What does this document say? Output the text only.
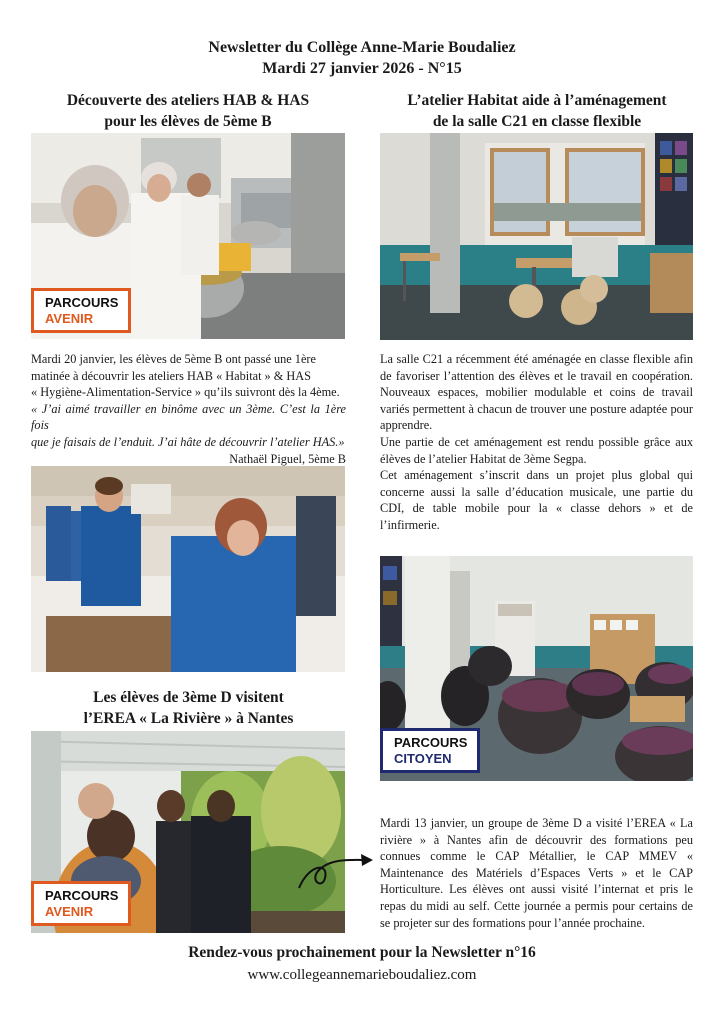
Newsletter du Collège Anne-Marie Boudaliez
Mardi 27 janvier 2026 - N°15
Découverte des ateliers HAB & HAS
pour les élèves de 5ème B
L’atelier Habitat aide à l’aménagement
de la salle C21 en classe flexible
PARCOURS
AVENIR

Mardi 20 janvier, les élèves de 5ème B ont passé une 1ère

matinée à découvrir les ateliers HAB « Habitat » & HAS

« Hygiène-Alimentation-Service » qu’ils suivront dès la 4ème.

« J’ai aimé travailler en binôme avec un 3ème. C’est la 1ère fois

que je faisais de l’enduit. J’ai hâte de découvrir l’atelier HAS.»

Nathaël Piguel, 5ème B

La salle C21 a récemment été aménagée en classe flexible afin de favoriser l’attention des élèves et le travail en coopération. Nouveaux espaces, mobilier modulable et coins de travail variés permettent à chacun de trouver une posture adaptée pour apprendre.

Une partie de cet aménagement est rendu possible grâce aux élèves de l’atelier Habitat de 3ème Segpa.

Cet aménagement s’inscrit dans un projet plus global qui concerne aussi la salle d’éducation musicale, une partie du CDI, de table mobile pour la « classe dehors » et de l’infirmerie.

PARCOURS
CITOYEN
Les élèves de 3ème D visitent
l’EREA « La Rivière » à Nantes
PARCOURS
AVENIR

Mardi 13 janvier, un groupe de 3ème D a visité l’EREA « La rivière » à Nantes afin de découvrir des formations peu connues comme le CAP Métallier, le CAP MMEV « Maintenance des Matériels d’Espaces Verts » et le CAP Horticulture. Les élèves ont aussi visité l’internat et pris le repas du midi au self. Cette journée a permis pour certains de se projeter sur des formations pour l’année prochaine.

Rendez-vous prochainement pour la Newsletter n°16
www.collegeannemarieboudaliez.com
